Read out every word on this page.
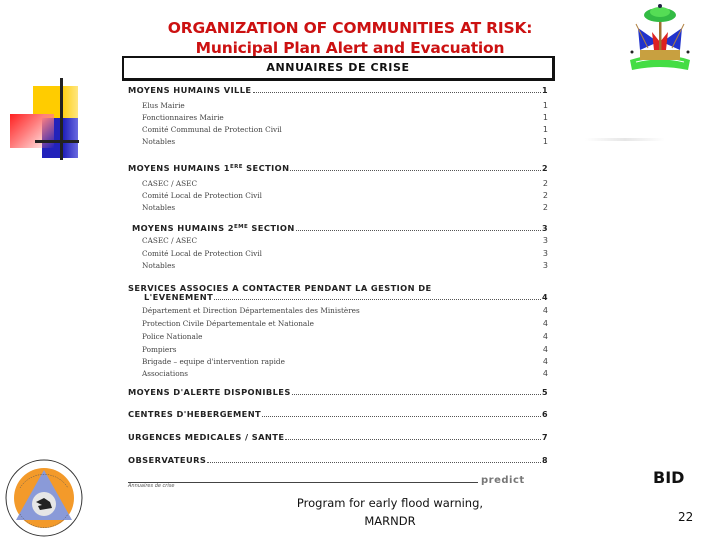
ORGANIZATION OF COMMUNITIES AT RISK:
Municipal Plan Alert and Evacuation
ANNUAIRES DE CRISE
MOYENS HUMAINS VILLE	1
Elus Mairie	1
Fonctionnaires Mairie	1
Comité Communal de Protection Civil	1
Notables	1
MOYENS HUMAINS 1ERE SECTION	2
CASEC / ASEC	2
Comité Local de Protection Civil	2
Notables	2
MOYENS HUMAINS 2EME SECTION	3
CASEC / ASEC	3
Comité Local de Protection Civil	3
Notables	3
SERVICES ASSOCIES A CONTACTER PENDANT LA GESTION DE
L'EVENEMENT	4
Département et Direction Départementales des Ministères	4
Protection Civile Départementale et Nationale	4
Police Nationale	4
Pompiers	4
Brigade – equipe d'intervention rapide	4
Associations	4
MOYENS D'ALERTE DISPONIBLES	5
CENTRES D'HEBERGEMENT	6
URGENCES MEDICALES / SANTE	7
OBSERVATEURS	8
Annuaires de crise	predict	BID
Program for early flood warning,
MARNDR	22
